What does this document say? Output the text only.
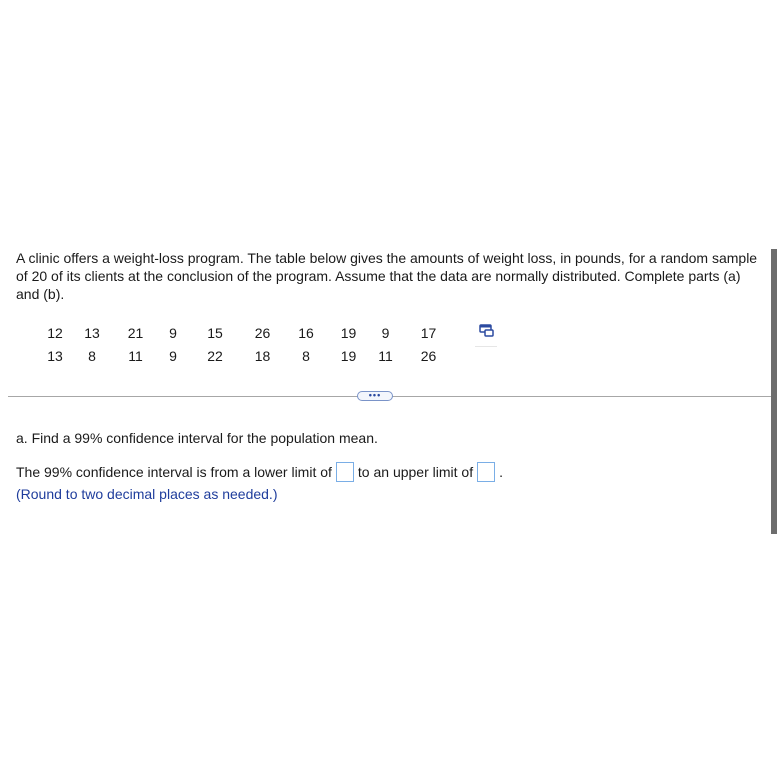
A clinic offers a weight-loss program. The table below gives the amounts of weight loss, in pounds, for a random sample of 20 of its clients at the conclusion of the program. Assume that the data are normally distributed. Complete parts (a) and (b).
12	13	21	9	15	26	16	19	9	17
13	8	11	9	22	18	8	19	11	26
•••
a. Find a 99% confidence interval for the population mean.
The 99% confidence interval is from a lower limit of to an upper limit of .
(Round to two decimal places as needed.)
